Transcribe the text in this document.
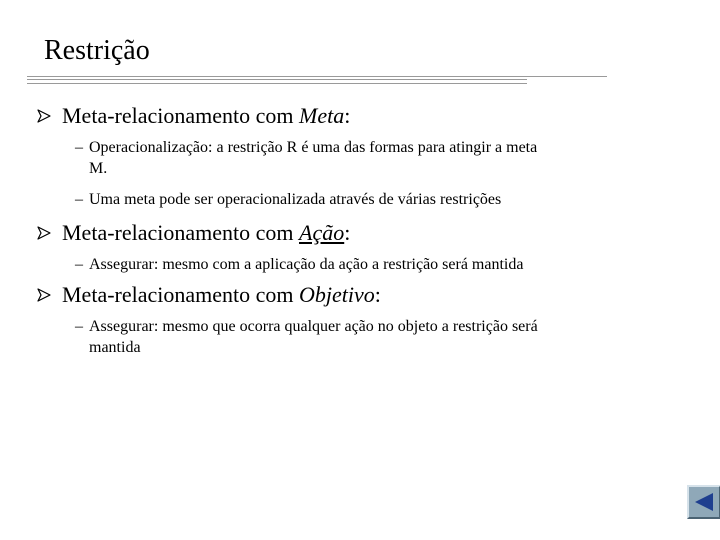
Restrição
Meta-relacionamento com Meta:
– Operacionalização: a restrição R é uma das formas para atingir a meta
M.
– Uma meta pode ser operacionalizada através de várias restrições
Meta-relacionamento com Ação:
– Assegurar: mesmo com a aplicação da ação a restrição será mantida
Meta-relacionamento com Objetivo:
– Assegurar: mesmo que ocorra qualquer ação no objeto a restrição será
mantida
